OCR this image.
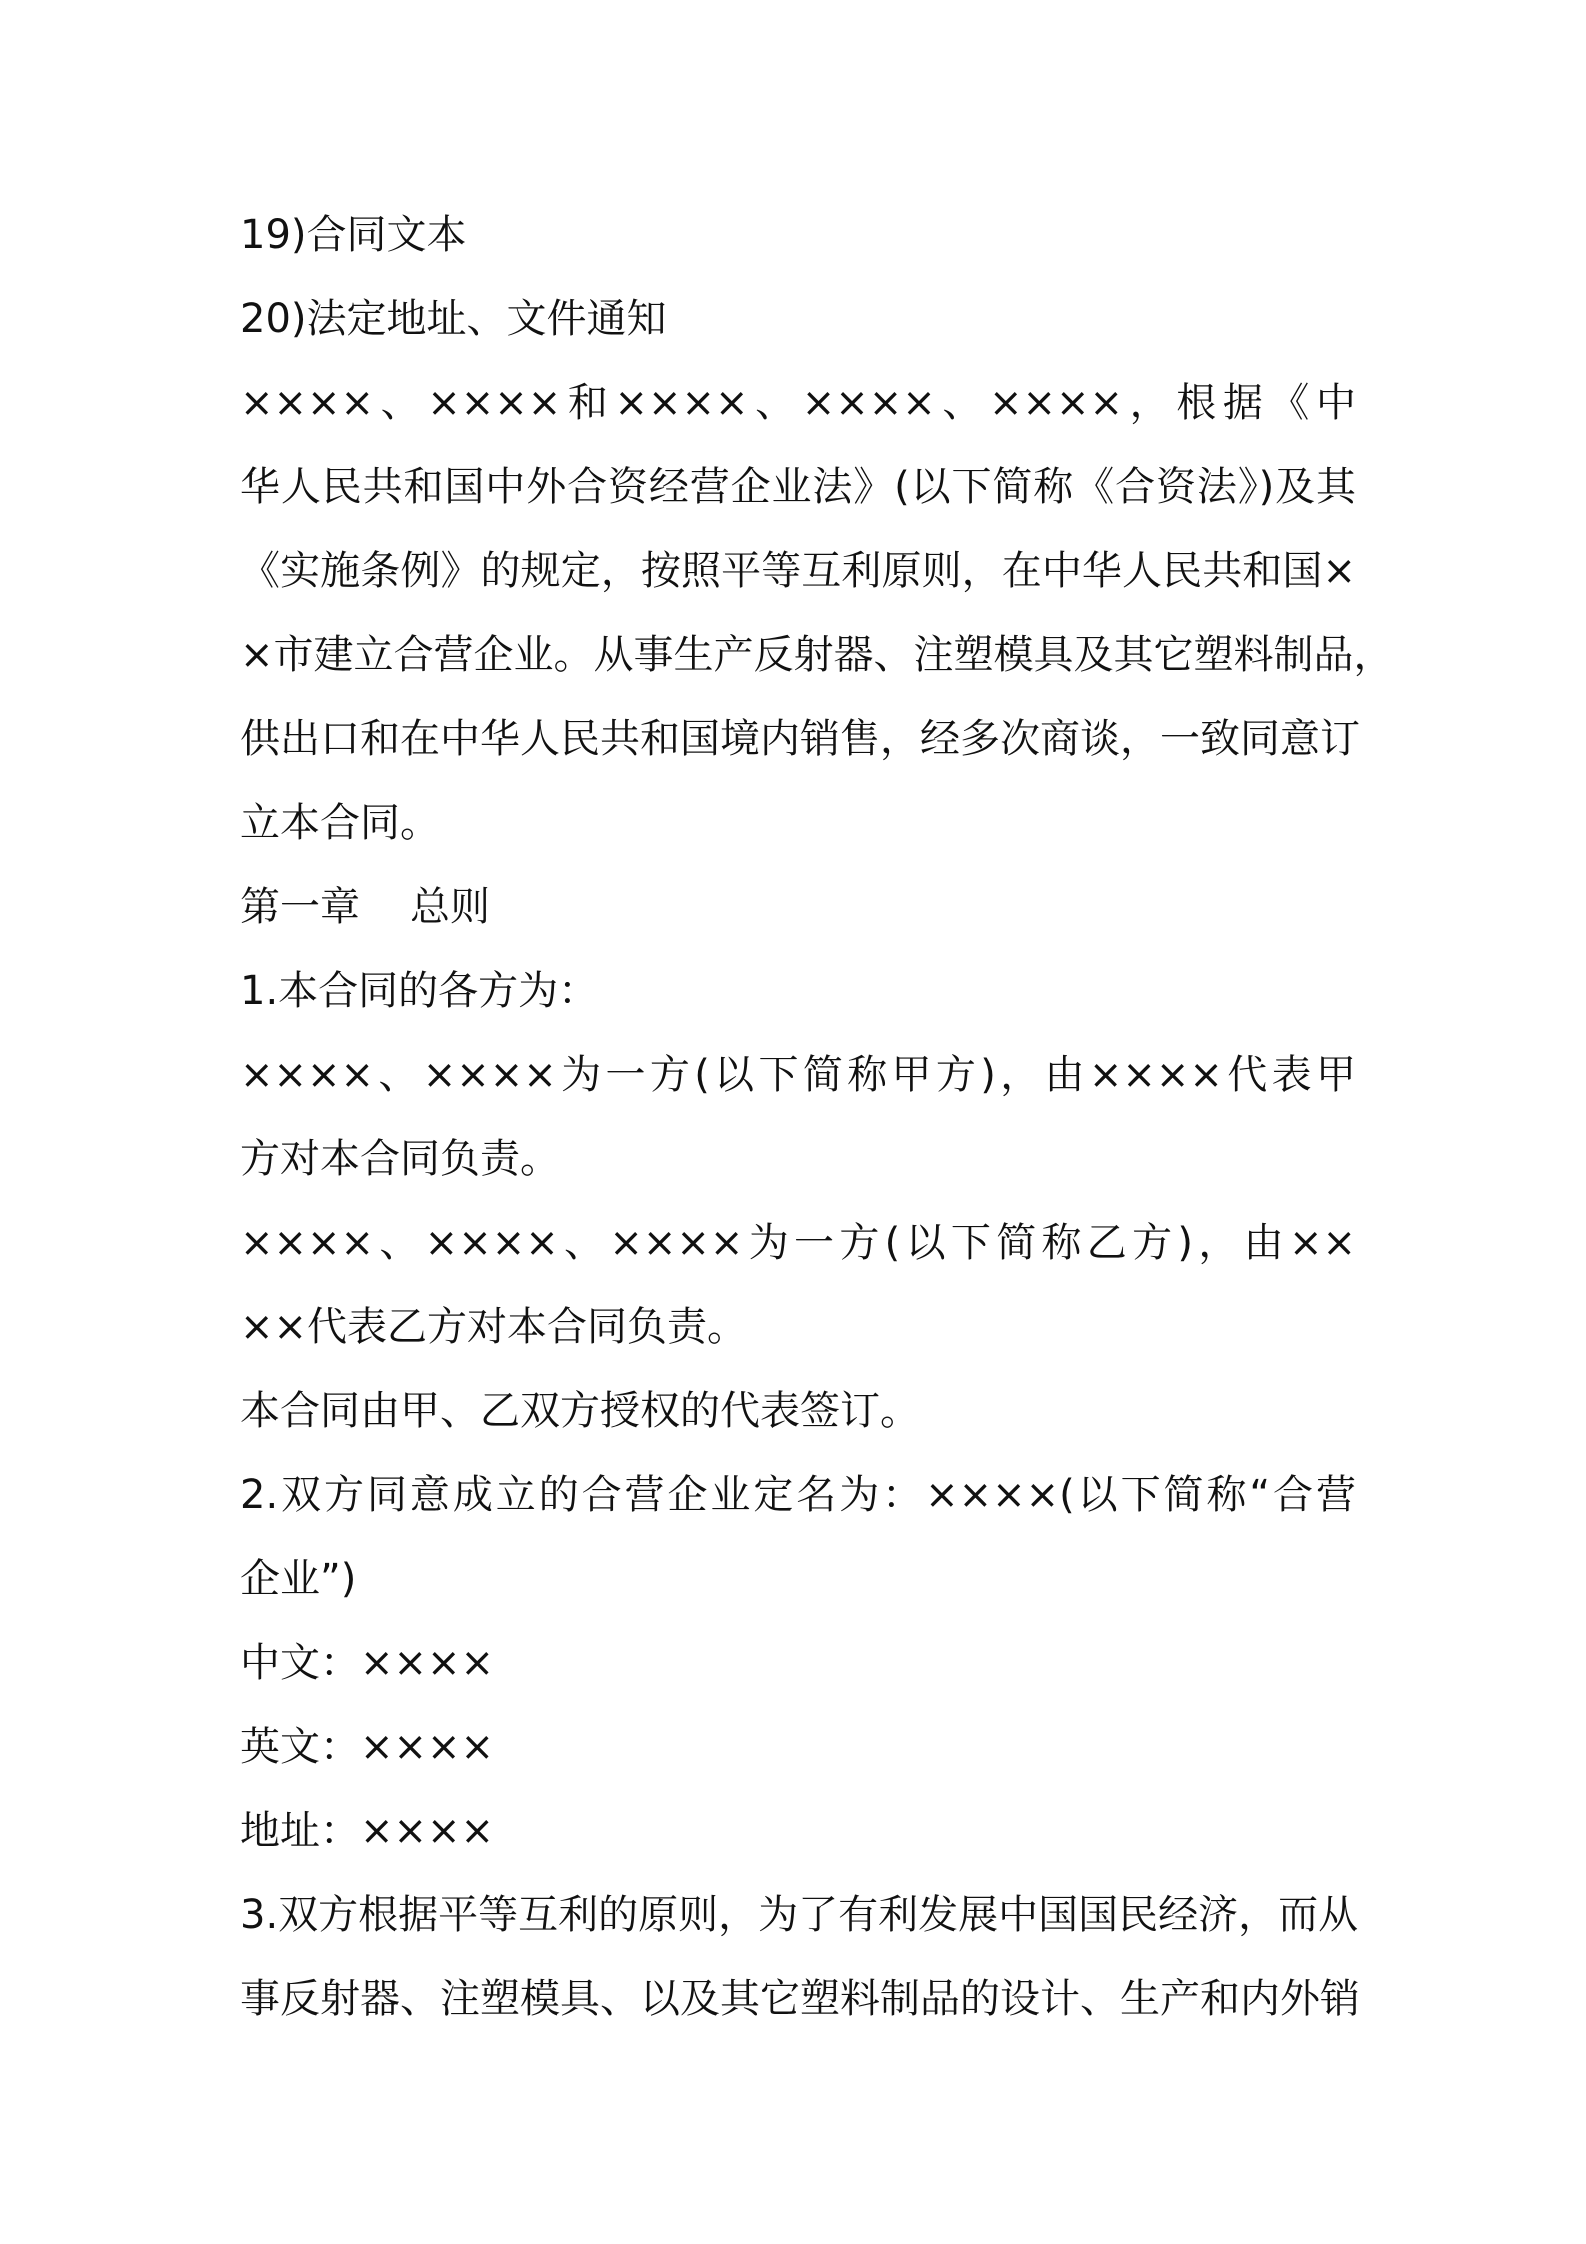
19)合同文本
20)法定地址、文件通知
××××、××××和××××、××××、××××，根据《中
华人民共和国中外合资经营企业法》(以下简称《合资法》)及其
《实施条例》的规定，按照平等互利原则，在中华人民共和国×
×市建立合营企业。从事生产反射器、注塑模具及其它塑料制品，
供出口和在中华人民共和国境内销售，经多次商谈，一致同意订
立本合同。
第一章 总则
1.本合同的各方为：
××××、××××为一方(以下简称甲方)，由××××代表甲
方对本合同负责。
××××、××××、××××为一方(以下简称乙方)，由××
××代表乙方对本合同负责。
本合同由甲、乙双方授权的代表签订。
2.双方同意成立的合营企业定名为：××××(以下简称“合营
企业”)
中文：××××
英文：××××
地址：××××
3.双方根据平等互利的原则，为了有利发展中国国民经济，而从
事反射器、注塑模具、以及其它塑料制品的设计、生产和内外销
